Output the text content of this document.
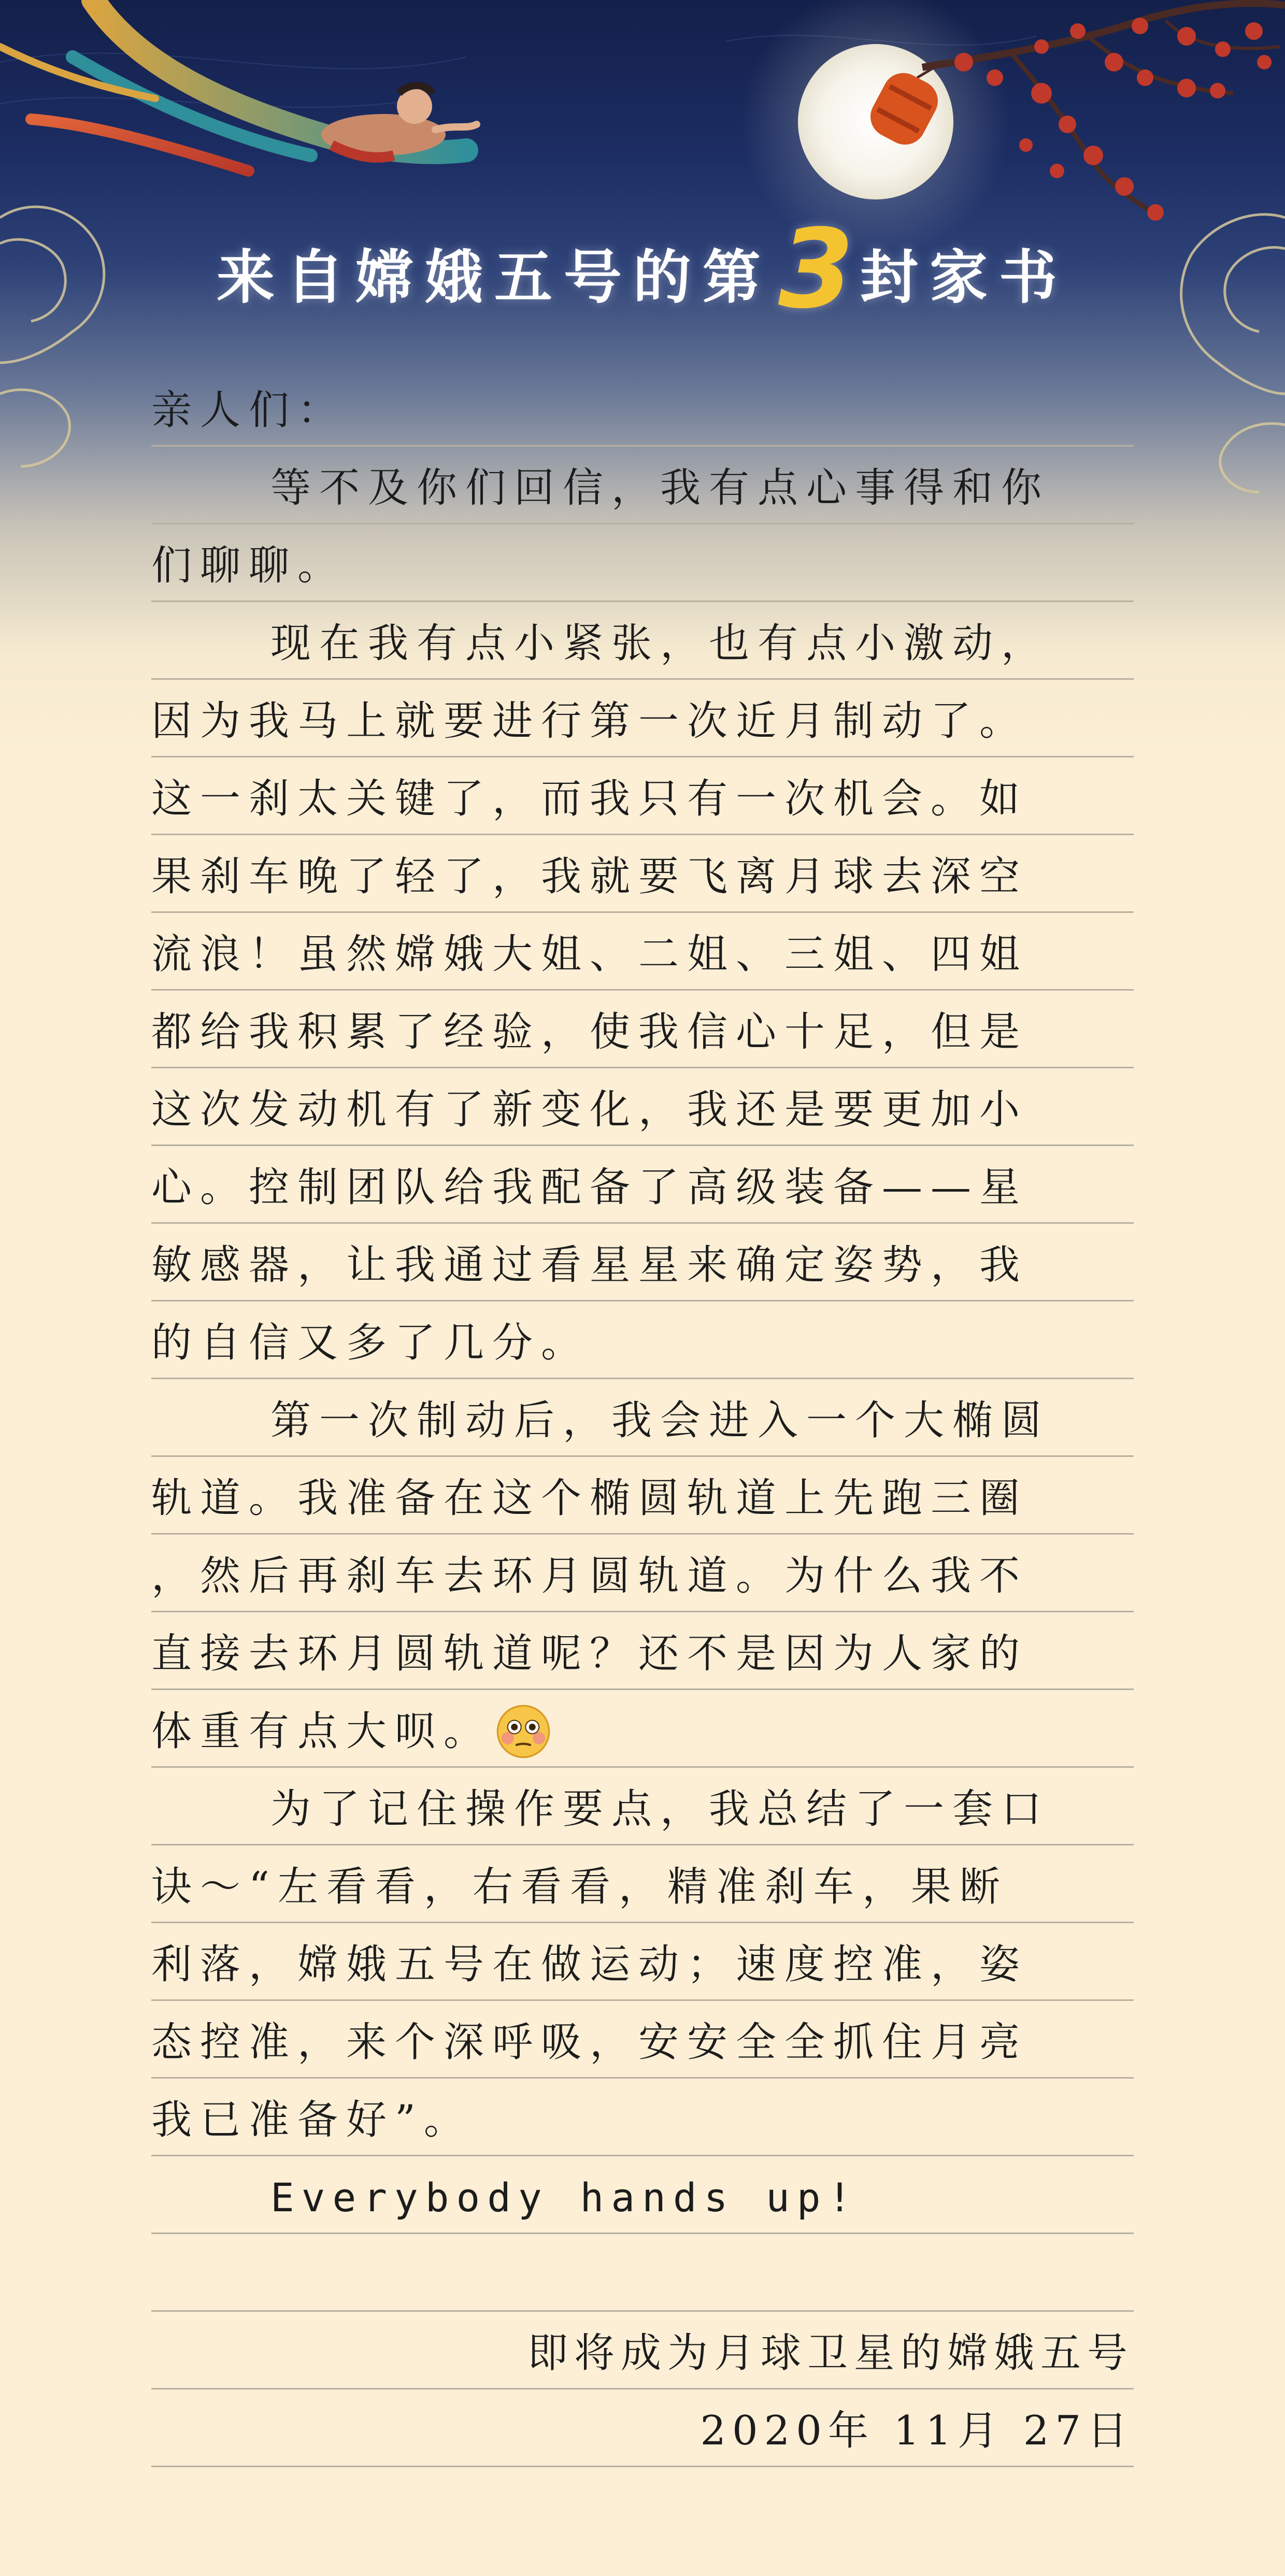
来自嫦娥五号的第3 封家书
亲人们：
等不及你们回信，我有点心事得和你
们聊聊。
现在我有点小紧张，也有点小激动，
因为我马上就要进行第一次近月制动了。
这一刹太关键了，而我只有一次机会。如
果刹车晚了轻了，我就要飞离月球去深空
流浪！虽然嫦娥大姐、二姐、三姐、四姐
都给我积累了经验，使我信心十足，但是
这次发动机有了新变化，我还是要更加小
心。控制团队给我配备了高级装备——星
敏感器，让我通过看星星来确定姿势，我
的自信又多了几分。
第一次制动后，我会进入一个大椭圆
轨道。我准备在这个椭圆轨道上先跑三圈
，然后再刹车去环月圆轨道。为什么我不
直接去环月圆轨道呢？还不是因为人家的
体重有点大呗。
为了记住操作要点，我总结了一套口
诀～“左看看，右看看，精准刹车，果断
利落，嫦娥五号在做运动；速度控准，姿
态控准，来个深呼吸，安安全全抓住月亮
我已准备好”。
Everybody hands up!
即将成为月球卫星的嫦娥五号
2020年 11月 27日
